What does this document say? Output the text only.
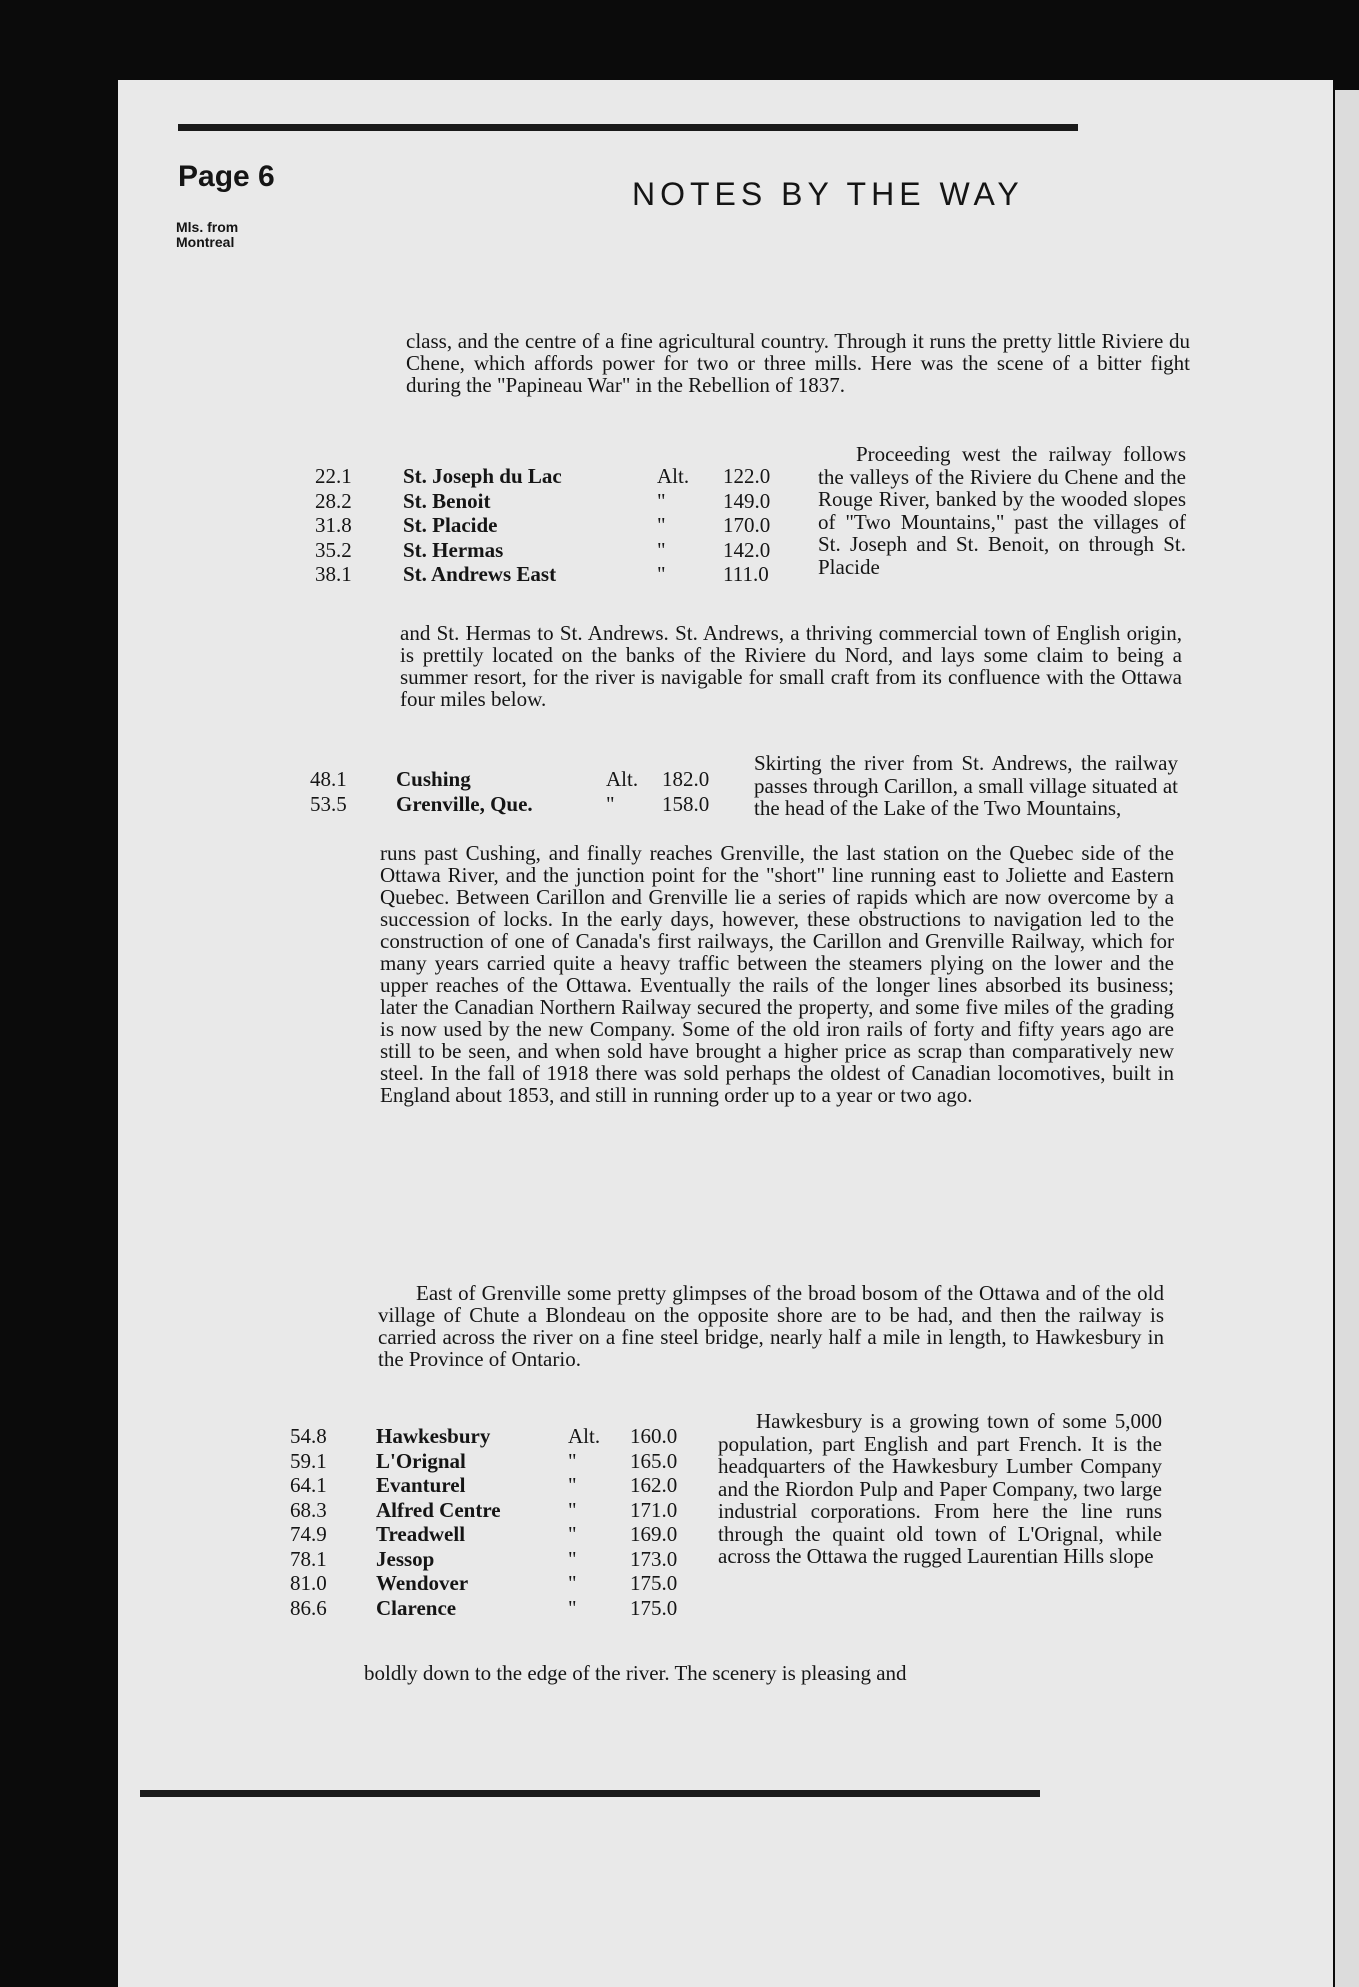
Page 6	NOTES BY THE WAY
Mls. from
Montreal

class, and the centre of a fine agricultural country. Through it runs the pretty little Riviere du Chene, which affords power for two or three mills. Here was the scene of a bitter fight during the "Papineau War" in the Rebellion of 1837.

22.1 St. Joseph du Lac	Alt. 122.0
28.2 St. Benoit	"	149.0
31.8 St. Placide	"	170.0
35.2 St. Hermas	"	142.0
38.1 St. Andrews East	"	111.0

Proceeding west the railway follows the valleys of the Riviere du Chene and the Rouge River, banked by the wooded slopes of "Two Mountains," past the villages of St. Joseph and St. Benoit, on through St. Placide

and St. Hermas to St. Andrews. St. Andrews, a thriving commercial town of English origin, is prettily located on the banks of the Riviere du Nord, and lays some claim to being a summer resort, for the river is navigable for small craft from its confluence with the Ottawa four miles below.

48.1 Cushing	Alt. 182.0
53.5 Grenville, Que.	" 158.0

Skirting the river from St. Andrews, the railway passes through Carillon, a small village situated at the head of the Lake of the Two Mountains,

runs past Cushing, and finally reaches Grenville, the last station on the Quebec side of the Ottawa River, and the junction point for the "short" line running east to Joliette and Eastern Quebec. Between Carillon and Grenville lie a series of rapids which are now overcome by a succession of locks. In the early days, however, these obstructions to navigation led to the construction of one of Canada's first railways, the Carillon and Grenville Railway, which for many years carried quite a heavy traffic between the steamers plying on the lower and the upper reaches of the Ottawa. Eventually the rails of the longer lines absorbed its business; later the Canadian Northern Railway secured the property, and some five miles of the grading is now used by the new Company. Some of the old iron rails of forty and fifty years ago are still to be seen, and when sold have brought a higher price as scrap than comparatively new steel. In the fall of 1918 there was sold perhaps the oldest of Canadian locomotives, built in England about 1853, and still in running order up to a year or two ago.

East of Grenville some pretty glimpses of the broad bosom of the Ottawa and of the old village of Chute a Blondeau on the opposite shore are to be had, and then the railway is carried across the river on a fine steel bridge, nearly half a mile in length, to Hawkesbury in the Province of Ontario.

54.8 Hawkesbury	Alt. 160.0
59.1 L'Orignal	"	165.0
64.1 Evanturel	"	162.0
68.3 Alfred Centre	"	171.0
74.9 Treadwell	"	169.0
78.1 Jessop	"	173.0
81.0 Wendover	"	175.0
86.6 Clarence	"	175.0

Hawkesbury is a growing town of some 5,000 population, part English and part French. It is the headquarters of the Hawkesbury Lumber Company and the Riordon Pulp and Paper Company, two large industrial corporations. From here the line runs through the quaint old town of L'Orignal, while across the Ottawa the rugged Laurentian Hills slope

boldly down to the edge of the river. The scenery is pleasing and
